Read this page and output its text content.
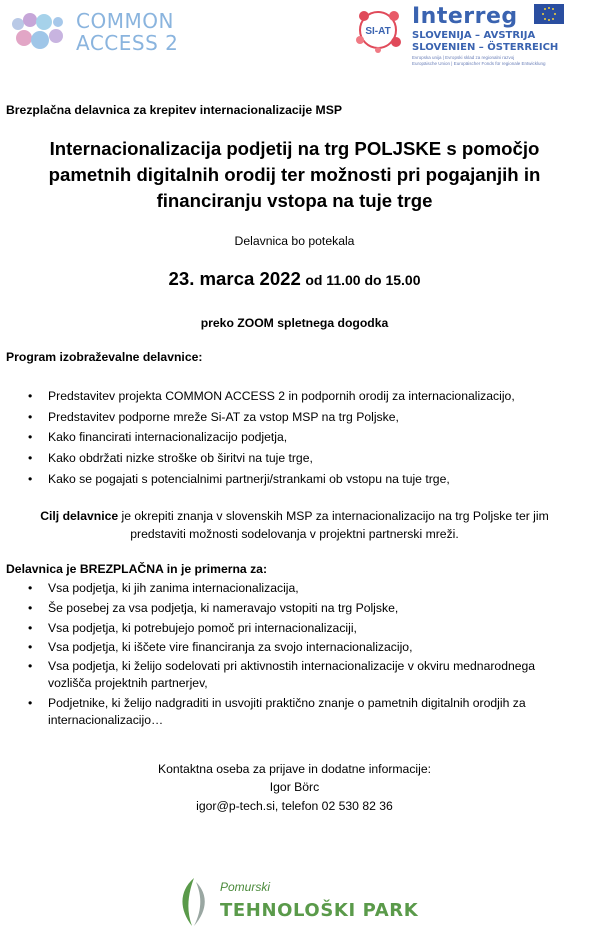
COMMON
ACCESS 2	SI-AT
Interreg
SLOVENIJA – AVSTRIJA
SLOVENIEN – ÖSTERREICH
Evropska unija | Evropski sklad za regionalni razvoj
Europäische Union | Europäischer Fonds für regionale Entwicklung
Brezplačna delavnica za krepitev internacionalizacije MSP
Internacionalizacija podjetij na trg POLJSKE s pomočjo pametnih digitalnih orodij ter možnosti pri pogajanjih in financiranju vstopa na tuje trge
Delavnica bo potekala
23. marca 2022 od 11.00 do 15.00
preko ZOOM spletnega dogodka
Program izobraževalne delavnice:
• Predstavitev projekta COMMON ACCESS 2 in podpornih orodij za internacionalizacijo,
• Predstavitev podporne mreže Si-AT za vstop MSP na trg Poljske,
• Kako financirati internacionalizacijo podjetja,
• Kako obdržati nizke stroške ob širitvi na tuje trge,
• Kako se pogajati s potencialnimi partnerji/strankami ob vstopu na tuje trge,
Cilj delavnice je okrepiti znanja v slovenskih MSP za internacionalizacijo na trg Poljske ter jim predstaviti možnosti sodelovanja v projektni partnerski mreži.
Delavnica je BREZPLAČNA in je primerna za:
• Vsa podjetja, ki jih zanima internacionalizacija,
• Še posebej za vsa podjetja, ki nameravajo vstopiti na trg Poljske,
• Vsa podjetja, ki potrebujejo pomoč pri internacionalizaciji,
• Vsa podjetja, ki iščete vire financiranja za svojo internacionalizacijo,
• Vsa podjetja, ki želijo sodelovati pri aktivnostih internacionalizacije v okviru mednarodnega vozlišča projektnih partnerjev,
• Podjetnike, ki želijo nadgraditi in usvojiti praktično znanje o pametnih digitalnih orodjih za internacionalizacijo…
Kontaktna oseba za prijave in dodatne informacije:
Igor Börc
igor@p-tech.si, telefon 02 530 82 36
Pomurski
TEHNOLOŠKI PARK
